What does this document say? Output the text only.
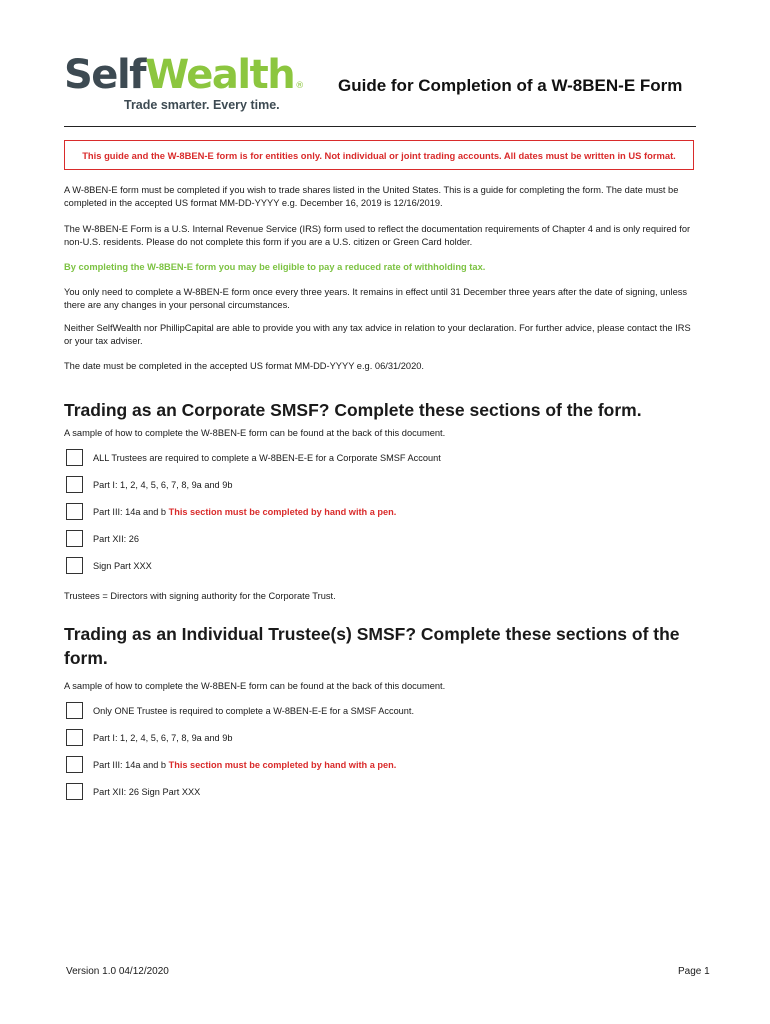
SelfWealth®
Trade smarter. Every time.
Guide for Completion of a W-8BEN-E Form
This guide and the W-8BEN-E form is for entities only. Not individual or joint trading accounts. All dates must be written in US format.
A W-8BEN-E form must be completed if you wish to trade shares listed in the United States. This is a guide for completing the form. The date must be completed in the accepted US format MM-DD-YYYY e.g. December 16, 2019 is 12/16/2019.
The W-8BEN-E Form is a U.S. Internal Revenue Service (IRS) form used to reflect the documentation requirements of Chapter 4 and is only required for non-U.S. residents. Please do not complete this form if you are a U.S. citizen or Green Card holder.
By completing the W-8BEN-E form you may be eligible to pay a reduced rate of withholding tax.
You only need to complete a W-8BEN-E form once every three years. It remains in effect until 31 December three years after the date of signing, unless there are any changes in your personal circumstances.
Neither SelfWealth nor PhillipCapital are able to provide you with any tax advice in relation to your declaration. For further advice, please contact the IRS or your tax adviser.
The date must be completed in the accepted US format MM-DD-YYYY e.g. 06/31/2020.
Trading as an Corporate SMSF? Complete these sections of the form.
A sample of how to complete the W-8BEN-E form can be found at the back of this document.
ALL Trustees are required to complete a W-8BEN-E-E for a Corporate SMSF Account
Part I: 1, 2, 4, 5, 6, 7, 8, 9a and 9b
Part III: 14a and b This section must be completed by hand with a pen.
Part XII: 26
Sign Part XXX
Trustees = Directors with signing authority for the Corporate Trust.
Trading as an Individual Trustee(s) SMSF? Complete these sections of the form.
A sample of how to complete the W-8BEN-E form can be found at the back of this document.
Only ONE Trustee is required to complete a W-8BEN-E-E for a SMSF Account.
Part I: 1, 2, 4, 5, 6, 7, 8, 9a and 9b
Part III: 14a and b This section must be completed by hand with a pen.
Part XII: 26 Sign Part XXX
Version 1.0 04/12/2020	Page 1
